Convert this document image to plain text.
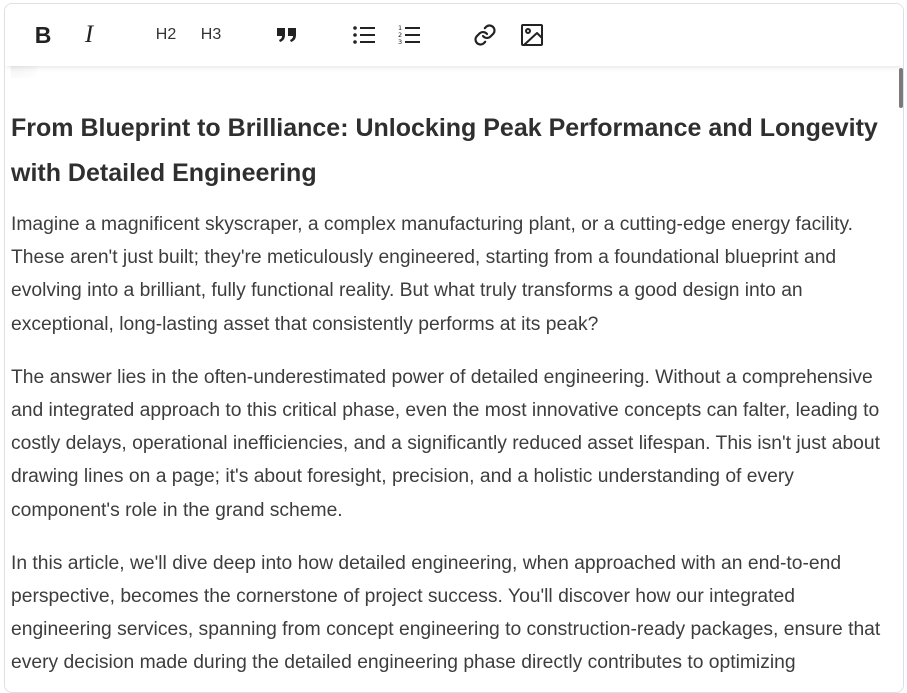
B I	H2 H3	1
2
3
From Blueprint to Brilliance: Unlocking Peak Performance and Longevity with Detailed Engineering

Imagine a magnificent skyscraper, a complex manufacturing plant, or a cutting-edge energy facility. These aren't just built; they're meticulously engineered, starting from a foundational blueprint and evolving into a brilliant, fully functional reality. But what truly transforms a good design into an exceptional, long-lasting asset that consistently performs at its peak?

The answer lies in the often-underestimated power of detailed engineering. Without a comprehensive and integrated approach to this critical phase, even the most innovative concepts can falter, leading to costly delays, operational inefficiencies, and a significantly reduced asset lifespan. This isn't just about drawing lines on a page; it's about foresight, precision, and a holistic understanding of every component's role in the grand scheme.

In this article, we'll dive deep into how detailed engineering, when approached with an end-to-end perspective, becomes the cornerstone of project success. You'll discover how our integrated engineering services, spanning from concept engineering to construction-ready packages, ensure that every decision made during the detailed engineering phase directly contributes to optimizing
